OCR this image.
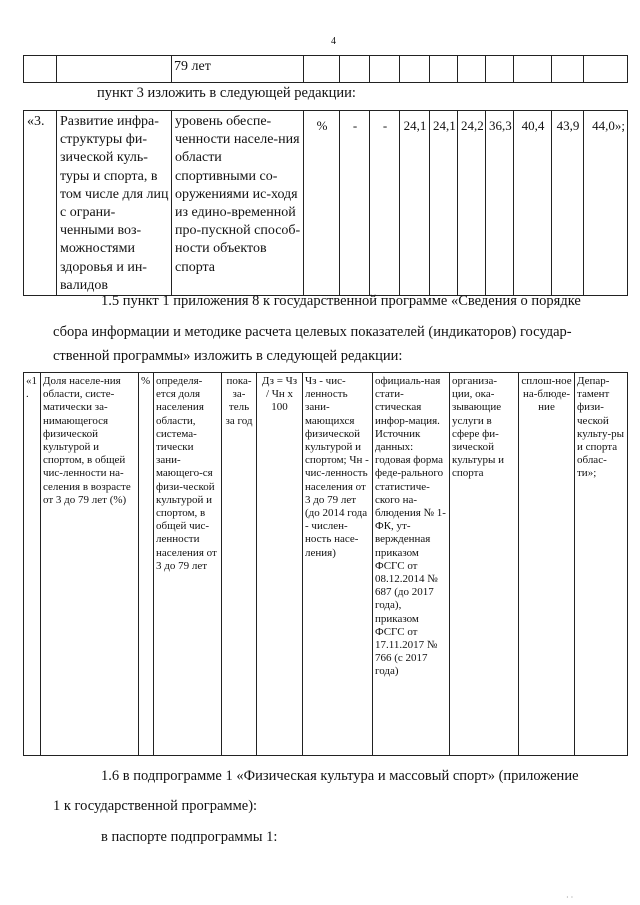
4
		79 лет										
пункт 3 изложить в следующей редакции:
«3.	Развитие инфра-структуры фи-зической куль-туры и спорта, в том числе для лиц с ограни-ченными воз-можностями здоровья и ин-валидов	уровень обеспе-ченности населе-ния области спортивными со-оружениями ис-ходя из едино-временной про-пускной способ-ности объектов спорта	%	-	-	24,1	24,1	24,2	36,3	40,4	43,9	44,0»;
1.5 пункт 1 приложения 8 к государственной программе «Сведения о порядке
сбора информации и методике расчета целевых показателей (индикаторов) государ-
ственной программы» изложить в следующей редакции:
«1.	Доля населе-ния области, систе-матически за-нимающегося физической культурой и спортом, в общей чис-ленности на-селения в возрасте от 3 до 79 лет (%)	%	определя-ется доля населения области, система-тически зани-мающего-ся физи-ческой культурой и спортом, в общей чис-ленности населения от 3 до 79 лет	пока-за-тель за год	Дз = Чз / Чн х 100	Чз - чис-ленность зани-мающихся физической культурой и спортом; Чн - чис-ленность населения от 3 до 79 лет (до 2014 года - числен-ность насе-ления)	официаль-ная стати-стическая инфор-мация. Источник данных: годовая форма феде-рального статистиче-ского на-блюдения № 1-ФК, ут-вержденная приказом ФСГС от 08.12.2014 № 687 (до 2017 года), приказом ФСГС от 17.11.2017 № 766 (с 2017 года)	организа-ции, ока-зывающие услуги в сфере фи-зической культуры и спорта	сплош-ное на-блюде-ние	Депар-тамент физи-ческой культу-ры и спорта облас-ти»;
1.6 в подпрограмме 1 «Физическая культура и массовый спорт» (приложение
1 к государственной программе):
в паспорте подпрограммы 1:
· ·
